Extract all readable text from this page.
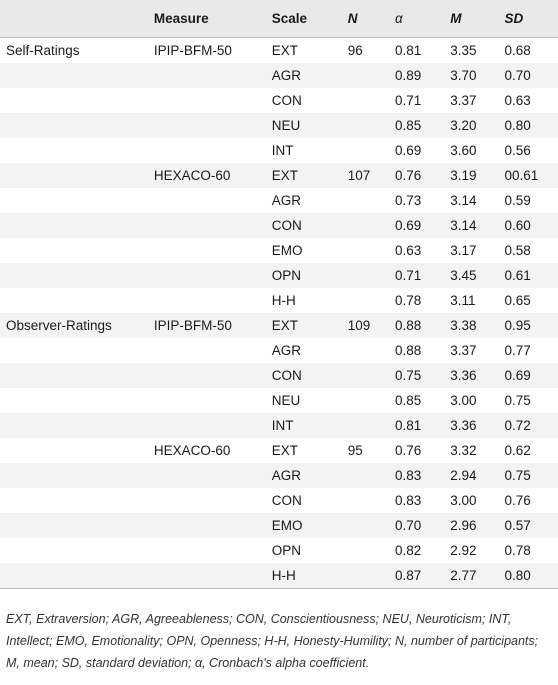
	Measure	Scale	N	α	M	SD
Self-Ratings	IPIP-BFM-50	EXT	96	0.81	3.35	0.68
		AGR		0.89	3.70	0.70
		CON		0.71	3.37	0.63
		NEU		0.85	3.20	0.80
		INT		0.69	3.60	0.56
	HEXACO-60	EXT	107	0.76	3.19	00.61
		AGR		0.73	3.14	0.59
		CON		0.69	3.14	0.60
		EMO		0.63	3.17	0.58
		OPN		0.71	3.45	0.61
		H-H		0.78	3.11	0.65
Observer-Ratings	IPIP-BFM-50	EXT	109	0.88	3.38	0.95
		AGR		0.88	3.37	0.77
		CON		0.75	3.36	0.69
		NEU		0.85	3.00	0.75
		INT		0.81	3.36	0.72
	HEXACO-60	EXT	95	0.76	3.32	0.62
		AGR		0.83	2.94	0.75
		CON		0.83	3.00	0.76
		EMO		0.70	2.96	0.57
		OPN		0.82	2.92	0.78
		H-H		0.87	2.77	0.80

EXT, Extraversion; AGR, Agreeableness; CON, Conscientiousness; NEU, Neuroticism; INT, Intellect; EMO, Emotionality; OPN, Openness; H-H, Honesty-Humility; N, number of participants; M, mean; SD, standard deviation; α, Cronbach's alpha coefficient.
